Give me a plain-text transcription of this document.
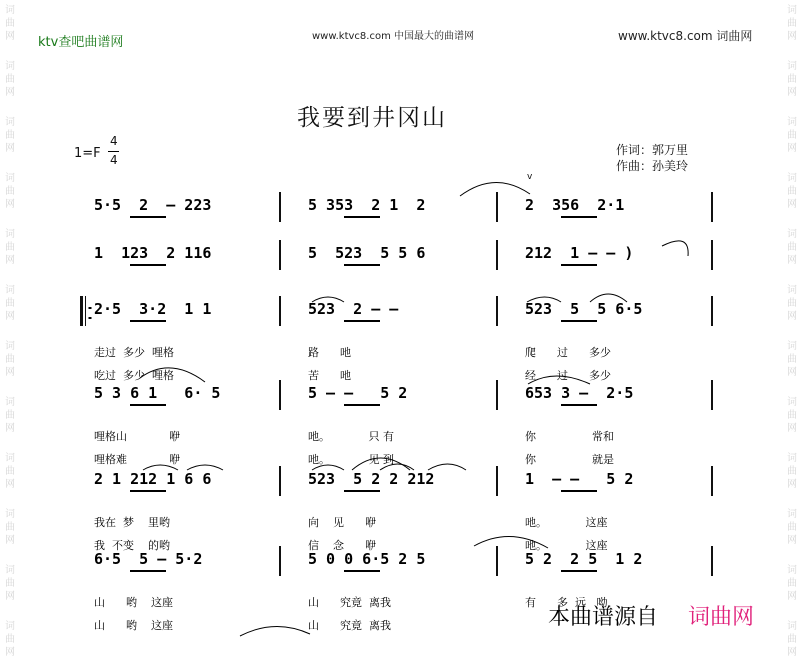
词
曲
网
词
曲
网
词
曲
网
词
曲
网
词
曲
网
词
曲
网
词
曲
网
词
曲
网
词
曲
网
词
曲
网
词
曲
网
词
曲
网
词
曲
网
词
曲
网
词
曲
网
词
曲
网
词
曲
网
词
曲
网
词
曲
网
词
曲
网
词
曲
网
词
曲
网
词
曲
网
词
曲
网
ktv查吧曲谱网	www.ktvc8.com 中国最大的曲谱网	www.ktvc8.com 词曲网
我要到井冈山
1=F
4
4
作词：郭万里
作曲：孙美玲
v
5·5  2  — 223	5 353  2 1  2	2  356  2·1
1  123  2 116	5  523  5 5 6	212  1 — — )
2·5  3·2  1 1	523  2 — —	523  5  5 6·5
走过  多少  哩格	路      吔	爬      过      多少
吃过  多少  哩格	苦      吔	经      过      多少
5 3 6 1   6· 5	5 — —   5 2	653 3 —  2·5
哩格山            咿	吔。           只 有	你                常和
哩格难            咿	吔。           见 到	你                就是
2 1 212 1 6 6	523  5 2 2 212	1  — —   5 2
我在  梦    里哟	向    见      咿	吔。           这座
我  不变    的哟	信    念      咿	吔。           这座
6·5  5 — 5·2	5 0 0 6·5 2 5	5 2  2 5  1 2
山      哟    这座	山      究竟  离我	有      多  远   呦
山      哟    这座	山      究竟  离我	本曲谱源自 词曲网
